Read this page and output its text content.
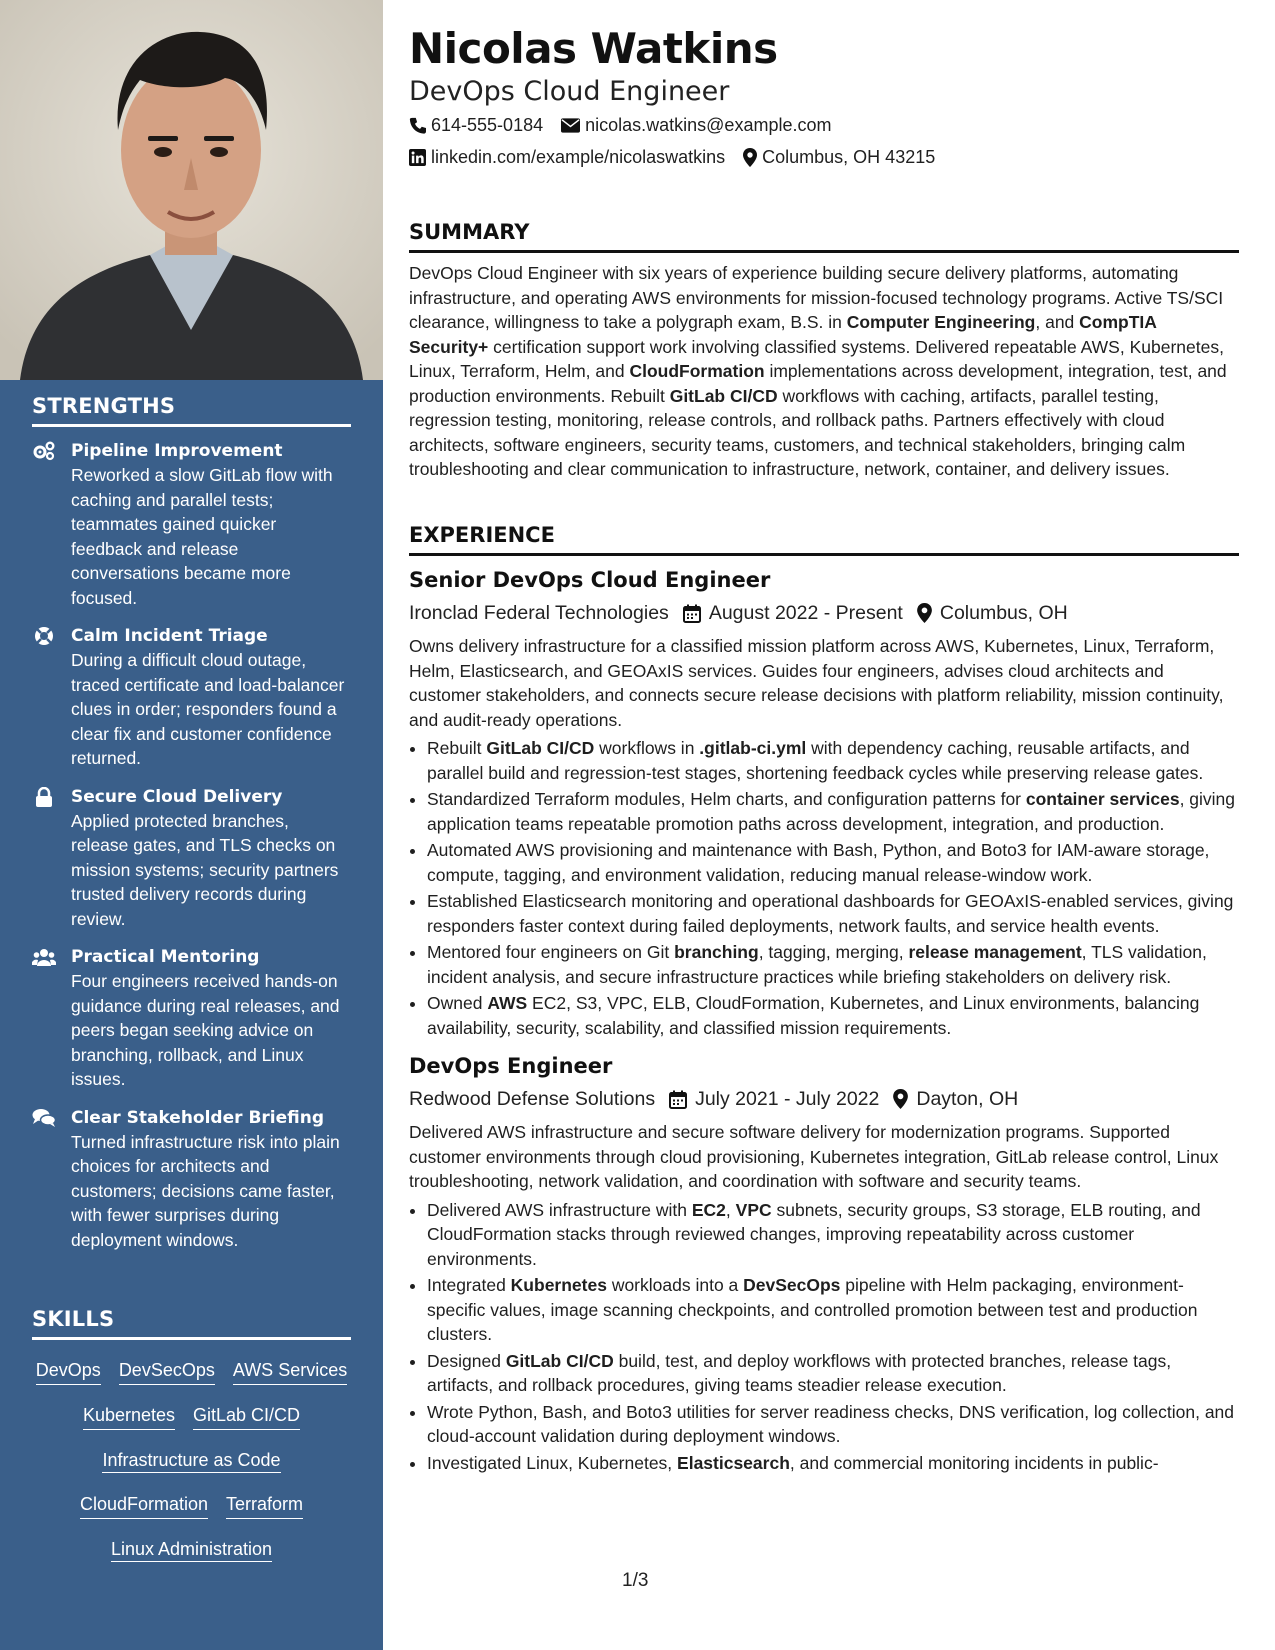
STRENGTHS
Pipeline Improvement
Reworked a slow GitLab flow with caching and parallel tests; teammates gained quicker feedback and release conversations became more focused.
Calm Incident Triage
During a difficult cloud outage, traced certificate and load-balancer clues in order; responders found a clear fix and customer confidence returned.
Secure Cloud Delivery
Applied protected branches, release gates, and TLS checks on mission systems; security partners trusted delivery records during review.
Practical Mentoring
Four engineers received hands-on guidance during real releases, and peers began seeking advice on branching, rollback, and Linux issues.
Clear Stakeholder Briefing
Turned infrastructure risk into plain choices for architects and customers; decisions came faster, with fewer surprises during deployment windows.
SKILLS
DevOps DevSecOps AWS Services
Kubernetes GitLab CI/CD
Infrastructure as Code
CloudFormation Terraform
Linux Administration
Nicolas Watkins
DevOps Cloud Engineer
614-555-0184 nicolas.watkins@example.com
linkedin.com/example/nicolaswatkins Columbus, OH 43215
SUMMARY

DevOps Cloud Engineer with six years of experience building secure delivery platforms, automating infrastructure, and operating AWS environments for mission-focused technology programs. Active TS/SCI clearance, willingness to take a polygraph exam, B.S. in Computer Engineering, and CompTIA Security+ certification support work involving classified systems. Delivered repeatable AWS, Kubernetes, Linux, Terraform, Helm, and CloudFormation implementations across development, integration, test, and production environments. Rebuilt GitLab CI/CD workflows with caching, artifacts, parallel testing, regression testing, monitoring, release controls, and rollback paths. Partners effectively with cloud architects, software engineers, security teams, customers, and technical stakeholders, bringing calm troubleshooting and clear communication to infrastructure, network, container, and delivery issues.

EXPERIENCE
Senior DevOps Cloud Engineer
Ironclad Federal Technologies August 2022 - Present Columbus, OH

Owns delivery infrastructure for a classified mission platform across AWS, Kubernetes, Linux, Terraform, Helm, Elasticsearch, and GEOAxIS services. Guides four engineers, advises cloud architects and customer stakeholders, and connects secure release decisions with platform reliability, mission continuity, and audit-ready operations.

• Rebuilt GitLab CI/CD workflows in .gitlab-ci.yml with dependency caching, reusable artifacts, and parallel build and regression-test stages, shortening feedback cycles while preserving release gates.
• Standardized Terraform modules, Helm charts, and configuration patterns for container services, giving application teams repeatable promotion paths across development, integration, and production.
• Automated AWS provisioning and maintenance with Bash, Python, and Boto3 for IAM-aware storage, compute, tagging, and environment validation, reducing manual release-window work.
• Established Elasticsearch monitoring and operational dashboards for GEOAxIS-enabled services, giving responders faster context during failed deployments, network faults, and service health events.
• Mentored four engineers on Git branching, tagging, merging, release management, TLS validation, incident analysis, and secure infrastructure practices while briefing stakeholders on delivery risk.
• Owned AWS EC2, S3, VPC, ELB, CloudFormation, Kubernetes, and Linux environments, balancing availability, security, scalability, and classified mission requirements.
DevOps Engineer
Redwood Defense Solutions July 2021 - July 2022 Dayton, OH

Delivered AWS infrastructure and secure software delivery for modernization programs. Supported customer environments through cloud provisioning, Kubernetes integration, GitLab release control, Linux troubleshooting, network validation, and coordination with software and security teams.

• Delivered AWS infrastructure with EC2, VPC subnets, security groups, S3 storage, ELB routing, and CloudFormation stacks through reviewed changes, improving repeatability across customer environments.
• Integrated Kubernetes workloads into a DevSecOps pipeline with Helm packaging, environment-specific values, image scanning checkpoints, and controlled promotion between test and production clusters.
• Designed GitLab CI/CD build, test, and deploy workflows with protected branches, release tags, artifacts, and rollback procedures, giving teams steadier release execution.
• Wrote Python, Bash, and Boto3 utilities for server readiness checks, DNS verification, log collection, and cloud-account validation during deployment windows.
• Investigated Linux, Kubernetes, Elasticsearch, and commercial monitoring incidents in public-
1/3
